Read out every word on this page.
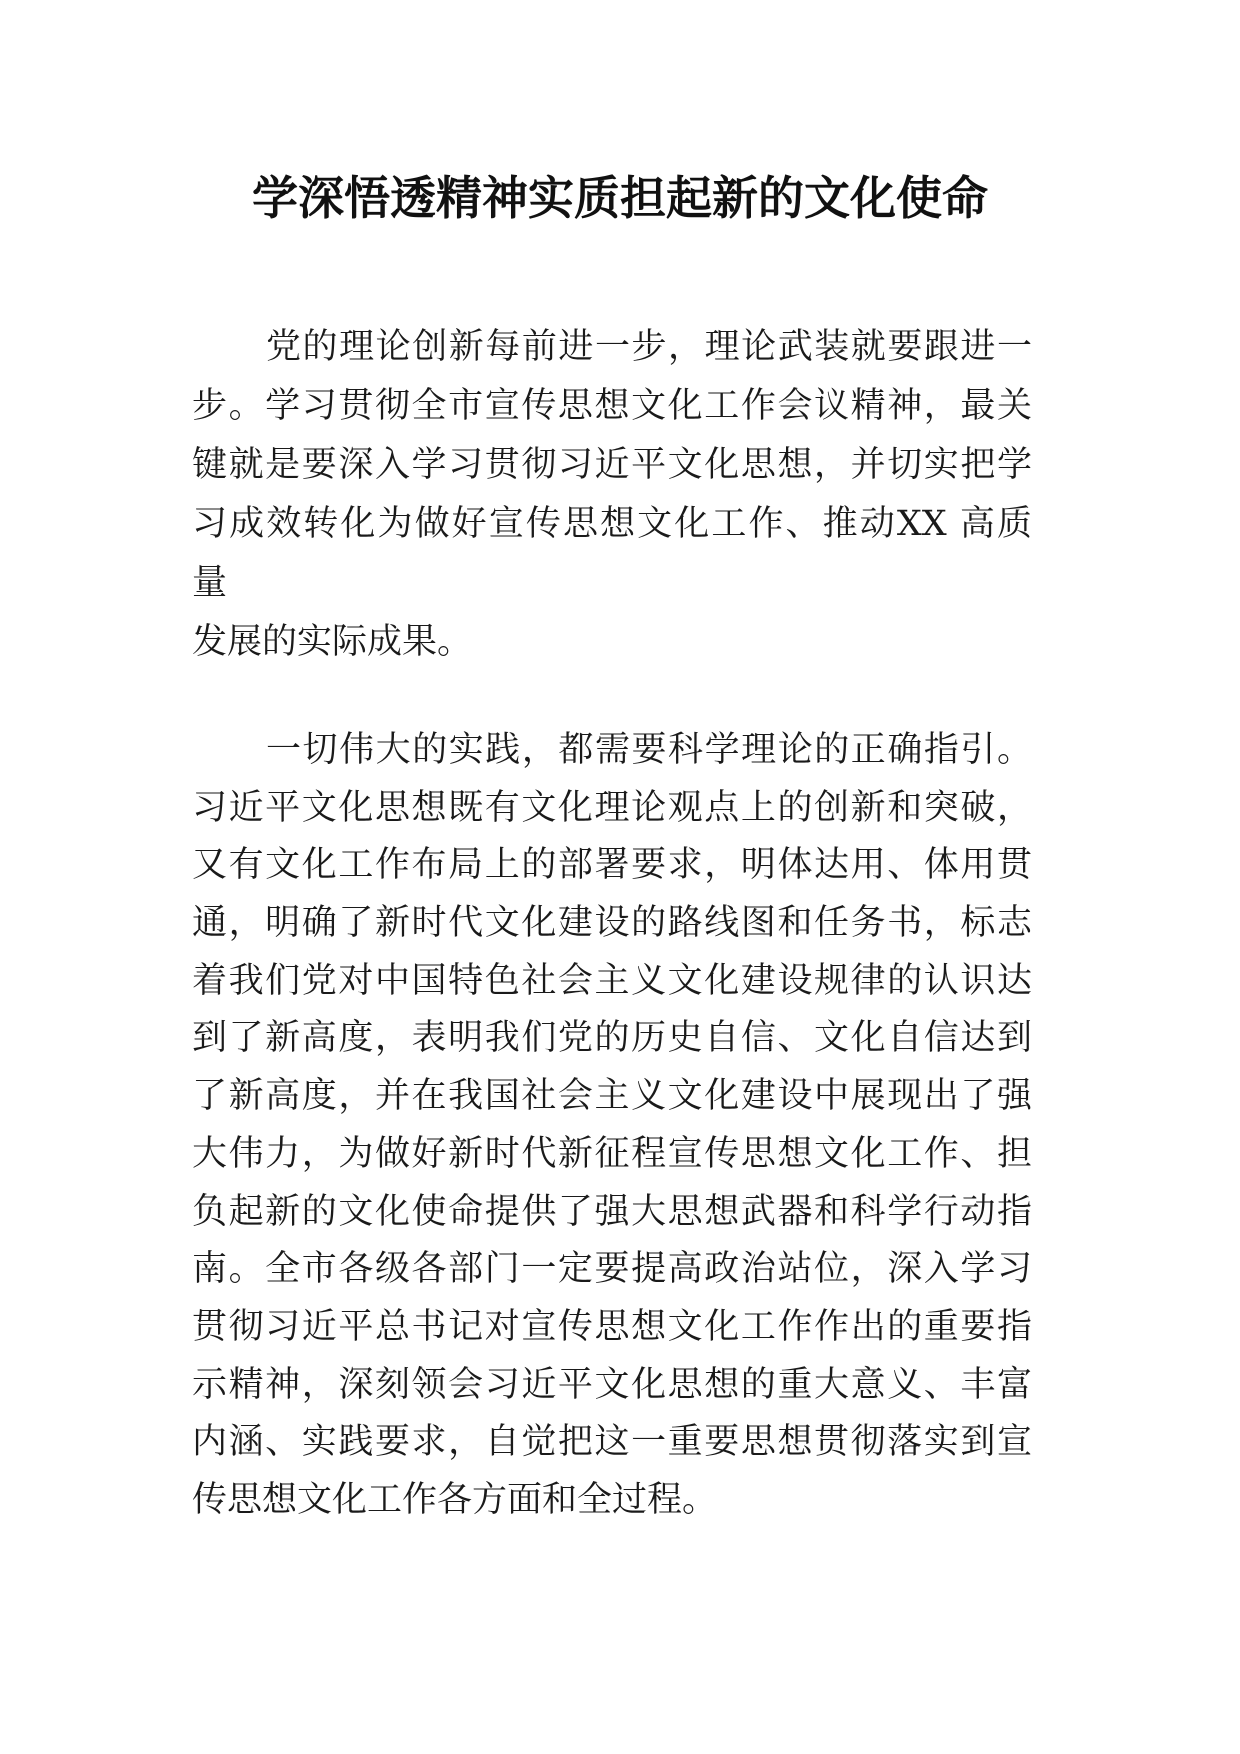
学深悟透精神实质担起新的文化使命
党的理论创新每前进一步，理论武装就要跟进一
步。学习贯彻全市宣传思想文化工作会议精神，最关
键就是要深入学习贯彻习近平文化思想，并切实把学
习成效转化为做好宣传思想文化工作、推动XX 高质
量
发展的实际成果。
一切伟大的实践，都需要科学理论的正确指引。
习近平文化思想既有文化理论观点上的创新和突破，
又有文化工作布局上的部署要求，明体达用、体用贯
通，明确了新时代文化建设的路线图和任务书，标志
着我们党对中国特色社会主义文化建设规律的认识达
到了新高度，表明我们党的历史自信、文化自信达到
了新高度，并在我国社会主义文化建设中展现出了强
大伟力，为做好新时代新征程宣传思想文化工作、担
负起新的文化使命提供了强大思想武器和科学行动指
南。全市各级各部门一定要提高政治站位，深入学习
贯彻习近平总书记对宣传思想文化工作作出的重要指
示精神，深刻领会习近平文化思想的重大意义、丰富
内涵、实践要求，自觉把这一重要思想贯彻落实到宣
传思想文化工作各方面和全过程。
